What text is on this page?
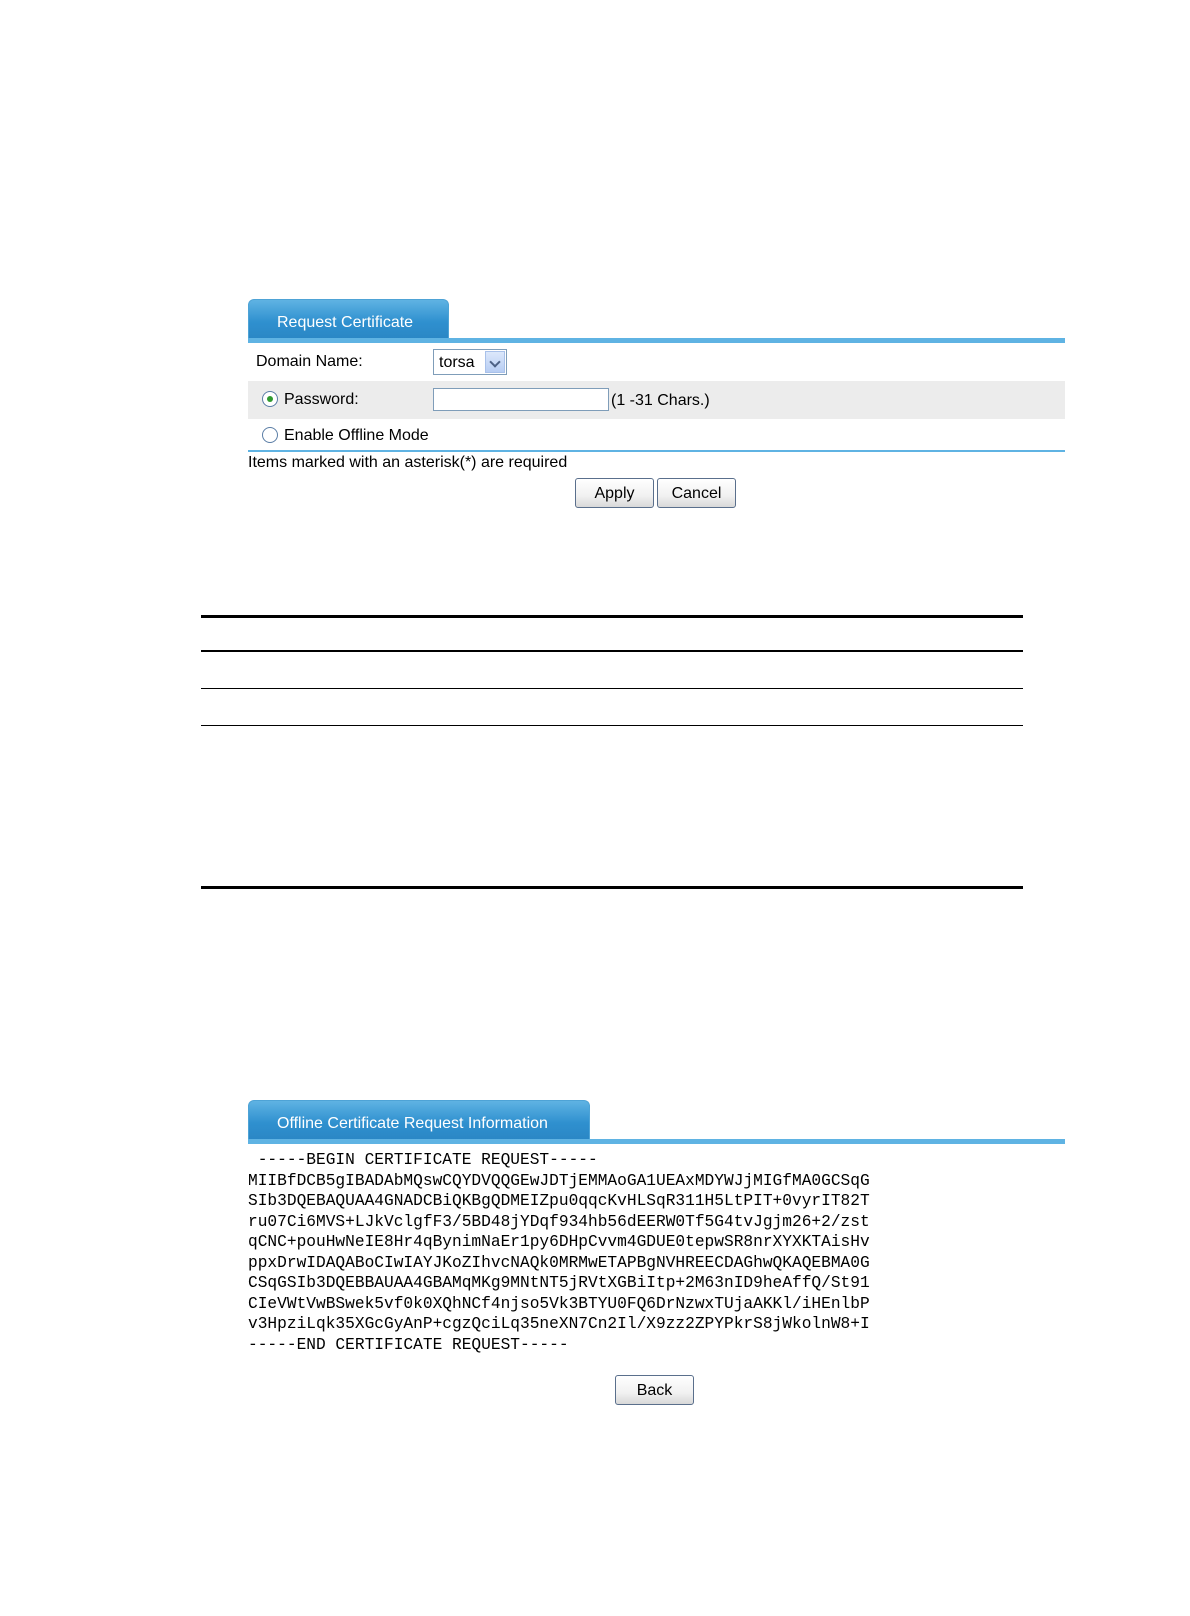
Request Certificate
Domain Name:	torsa
Password:	(1 -31 Chars.)
Enable Offline Mode
Items marked with an asterisk(*) are required
Apply	Cancel
Offline Certificate Request Information
-----BEGIN CERTIFICATE REQUEST-----
MIIBfDCB5gIBADAbMQswCQYDVQQGEwJDTjEMMAoGA1UEAxMDYWJjMIGfMA0GCSqG
SIb3DQEBAQUAA4GNADCBiQKBgQDMEIZpu0qqcKvHLSqR311H5LtPIT+0vyrIT82T
ru07Ci6MVS+LJkVclgfF3/5BD48jYDqf934hb56dEERW0Tf5G4tvJgjm26+2/zst
qCNC+pouHwNeIE8Hr4qBynimNaEr1py6DHpCvvm4GDUE0tepwSR8nrXYXKTAisHv
ppxDrwIDAQABoCIwIAYJKoZIhvcNAQk0MRMwETAPBgNVHREECDAGhwQKAQEBMA0G
CSqGSIb3DQEBBAUAA4GBAMqMKg9MNtNT5jRVtXGBiItp+2M63nID9heAffQ/St91
CIeVWtVwBSwek5vf0k0XQhNCf4njso5Vk3BTYU0FQ6DrNzwxTUjaAKKl/iHEnlbP
v3HpziLqk35XGcGyAnP+cgzQciLq35neXN7Cn2Il/X9zz2ZPYPkrS8jWkolnW8+I
-----END CERTIFICATE REQUEST-----
Back
